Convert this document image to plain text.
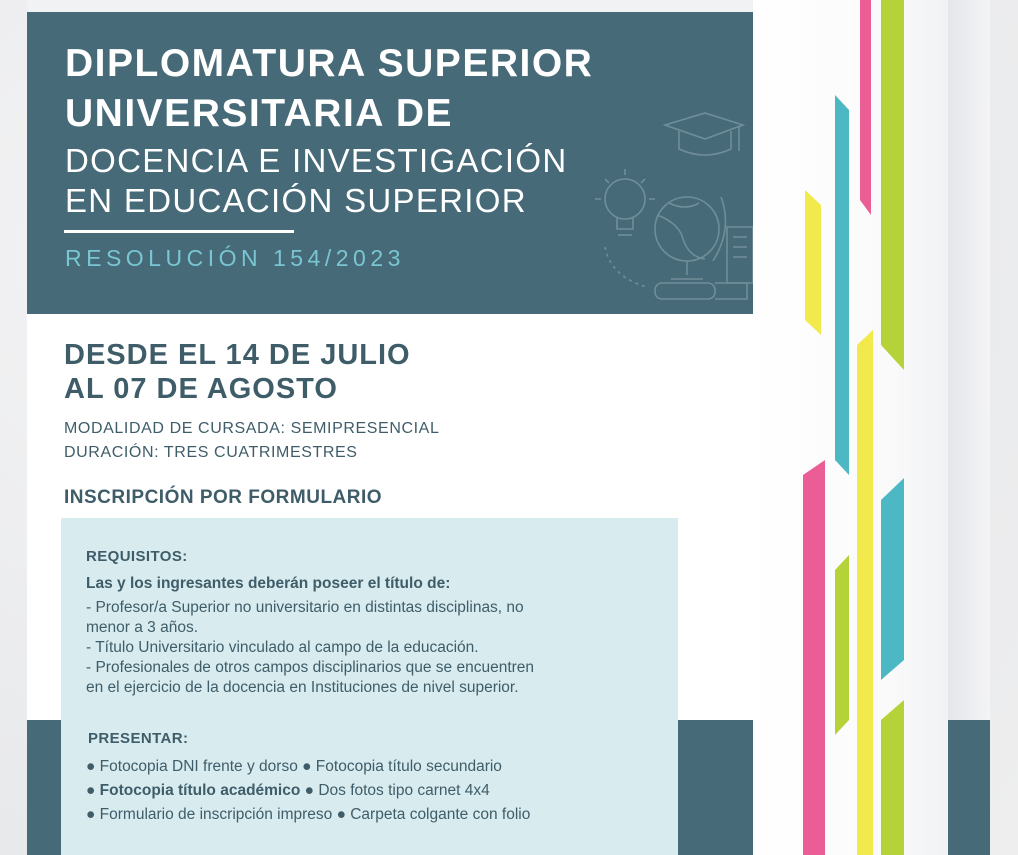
DIPLOMATURA SUPERIOR
UNIVERSITARIA DE
DOCENCIA E INVESTIGACIÓN
EN EDUCACIÓN SUPERIOR
RESOLUCIÓN 154/2023
DESDE EL 14 DE JULIO
AL 07 DE AGOSTO
MODALIDAD DE CURSADA: SEMIPRESENCIAL
DURACIÓN: TRES CUATRIMESTRES
INSCRIPCIÓN POR FORMULARIO
REQUISITOS:
Las y los ingresantes deberán poseer el título de:
- Profesor/a Superior no universitario en distintas disciplinas, no
menor a 3 años.
- Título Universitario vinculado al campo de la educación.
- Profesionales de otros campos disciplinarios que se encuentren
en el ejercicio de la docencia en Instituciones de nivel superior.
PRESENTAR:
● Fotocopia DNI frente y dorso ● Fotocopia título secundario
● Fotocopia título académico ● Dos fotos tipo carnet 4x4
● Formulario de inscripción impreso ● Carpeta colgante con folio
